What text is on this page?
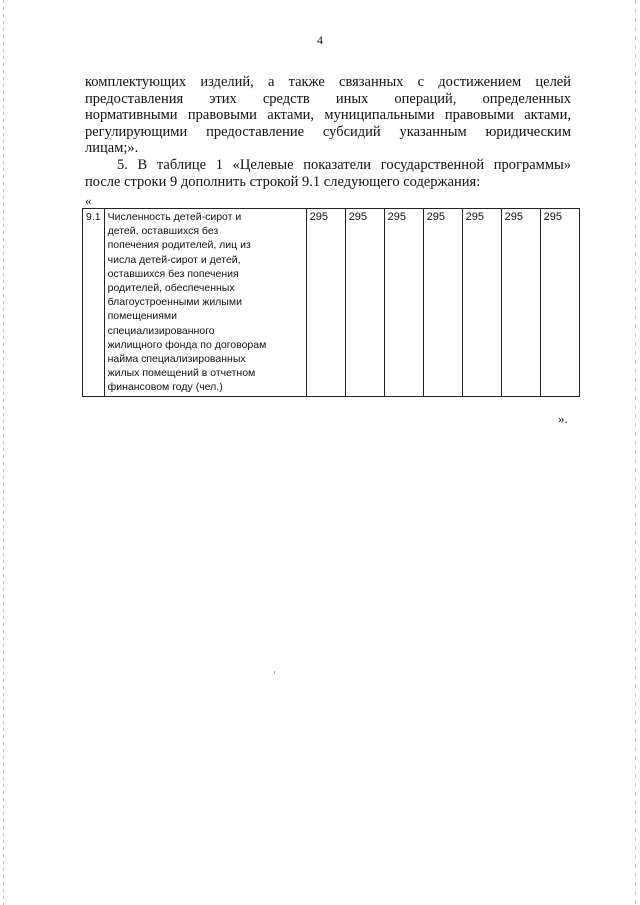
4

комплектующих изделий, а также связанных с достижением целей
предоставления этих средств иных операций, определенных
нормативными правовыми актами, муниципальными правовыми актами,
регулирующими предоставление субсидий указанным юридическим
лицам;».

5. В таблице 1 «Целевые показатели государственной программы»
после строки 9 дополнить строкой 9.1 следующего содержания:

«
9.1	Численность детей-сирот и
детей, оставшихся без
попечения родителей, лиц из
числа детей-сирот и детей,
оставшихся без попечения
родителей, обеспеченных
благоустроенными жилыми
помещениями
специализированного
жилищного фонда по договорам
найма специализированных
жилых помещений в отчетном
финансовом году (чел.)
	295	295	295	295	295	295	295
».
